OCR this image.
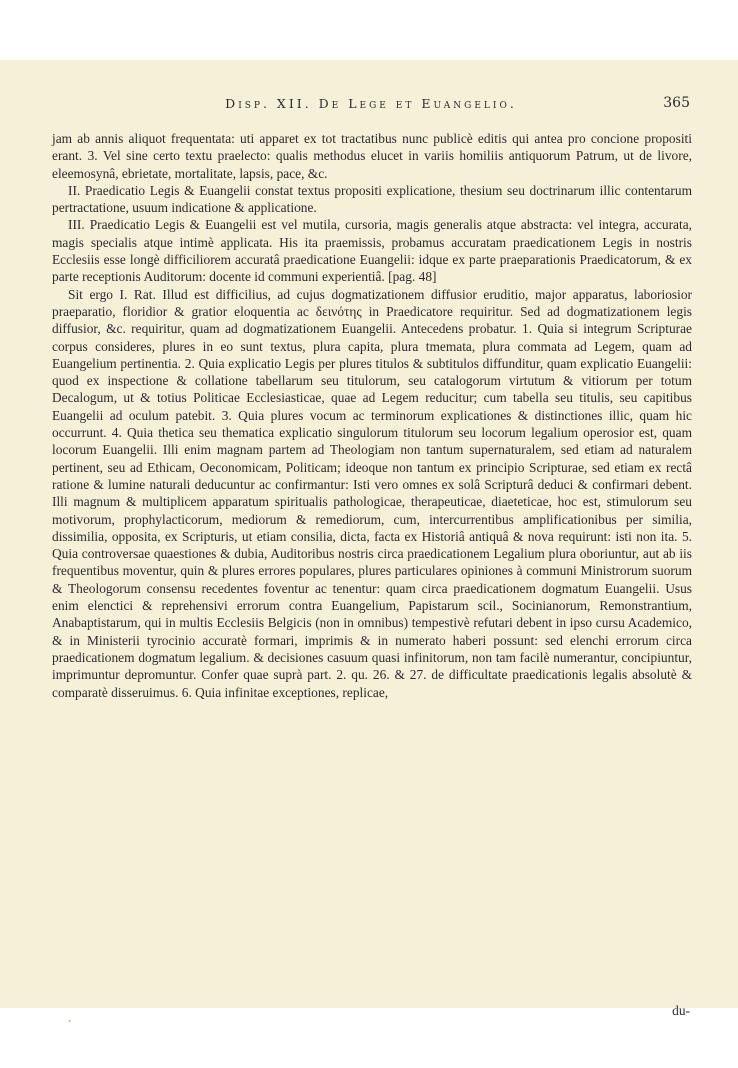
Disp. XII. De Lege et Euangelio.	365

jam ab annis aliquot frequentata: uti apparet ex tot tractatibus nunc publicè editis qui antea pro concione propositi erant. 3. Vel sine certo textu praelecto: qualis methodus elucet in variis homiliis antiquorum Patrum, ut de livore, eleemosynâ, ebrietate, mortalitate, lapsis, pace, &c.

II. Praedicatio Legis & Euangelii constat textus propositi explicatione, thesium seu doctrinarum illic contentarum pertractatione, usuum indicatione & applicatione.

III. Praedicatio Legis & Euangelii est vel mutila, cursoria, magis generalis atque abstracta: vel integra, accurata, magis specialis atque intimè applicata. His ita praemissis, probamus accuratam praedicationem Legis in nostris Ecclesiis esse longè difficiliorem accuratâ praedicatione Euangelii: idque ex parte praeparationis Praedicatorum, & ex parte receptionis Auditorum: docente id communi experientiâ. [pag. 48]

Sit ergo I. Rat. Illud est difficilius, ad cujus dogmatizationem diffusior eruditio, major apparatus, laboriosior praeparatio, floridior & gratior eloquentia ac δεινότης in Praedicatore requiritur. Sed ad dogmatizationem legis diffusior, &c. requiritur, quam ad dogmatizationem Euangelii. Antecedens probatur. 1. Quia si integrum Scripturae corpus consideres, plures in eo sunt textus, plura capita, plura tmemata, plura commata ad Legem, quam ad Euangelium pertinentia. 2. Quia explicatio Legis per plures titulos & subtitulos diffunditur, quam explicatio Euangelii: quod ex inspectione & collatione tabellarum seu titulorum, seu catalogorum virtutum & vitiorum per totum Decalogum, ut & totius Politicae Ecclesiasticae, quae ad Legem reducitur; cum tabella seu titulis, seu capitibus Euangelii ad oculum patebit. 3. Quia plures vocum ac terminorum explicationes & distinctiones illic, quam hic occurrunt. 4. Quia thetica seu thematica explicatio singulorum titulorum seu locorum legalium operosior est, quam locorum Euangelii. Illi enim magnam partem ad Theologiam non tantum supernaturalem, sed etiam ad naturalem pertinent, seu ad Ethicam, Oeconomicam, Politicam; ideoque non tantum ex principio Scripturae, sed etiam ex rectâ ratione & lumine naturali deducuntur ac confirmantur: Isti vero omnes ex solâ Scripturâ deduci & confirmari debent. Illi magnum & multiplicem apparatum spiritualis pathologicae, therapeuticae, diaeteticae, hoc est, stimulorum seu motivorum, prophylacticorum, mediorum & remediorum, cum, intercurrentibus amplificationibus per similia, dissimilia, opposita, ex Scripturis, ut etiam consilia, dicta, facta ex Historiâ antiquâ & nova requirunt: isti non ita. 5. Quia controversae quaestiones & dubia, Auditoribus nostris circa praedicationem Legalium plura oboriuntur, aut ab iis frequentibus moventur, quin & plures errores populares, plures particulares opiniones à communi Ministrorum suorum & Theologorum consensu recedentes foventur ac tenentur: quam circa praedicationem dogmatum Euangelii. Usus enim elenctici & reprehensivi errorum contra Euangelium, Papistarum scil., Socinianorum, Remonstrantium, Anabaptistarum, qui in multis Ecclesiis Belgicis (non in omnibus) tempestivè refutari debent in ipso cursu Academico, & in Ministerii tyrocinio accuratè formari, imprimis & in numerato haberi possunt: sed elenchi errorum circa praedicationem dogmatum legalium. & decisiones casuum quasi infinitorum, non tam facilè numerantur, concipiuntur, imprimuntur depromuntur. Confer quae suprà part. 2. qu. 26. & 27. de difficultate praedicationis legalis absolutè & comparatè disseruimus. 6. Quia infinitae exceptiones, replicae,

du-
